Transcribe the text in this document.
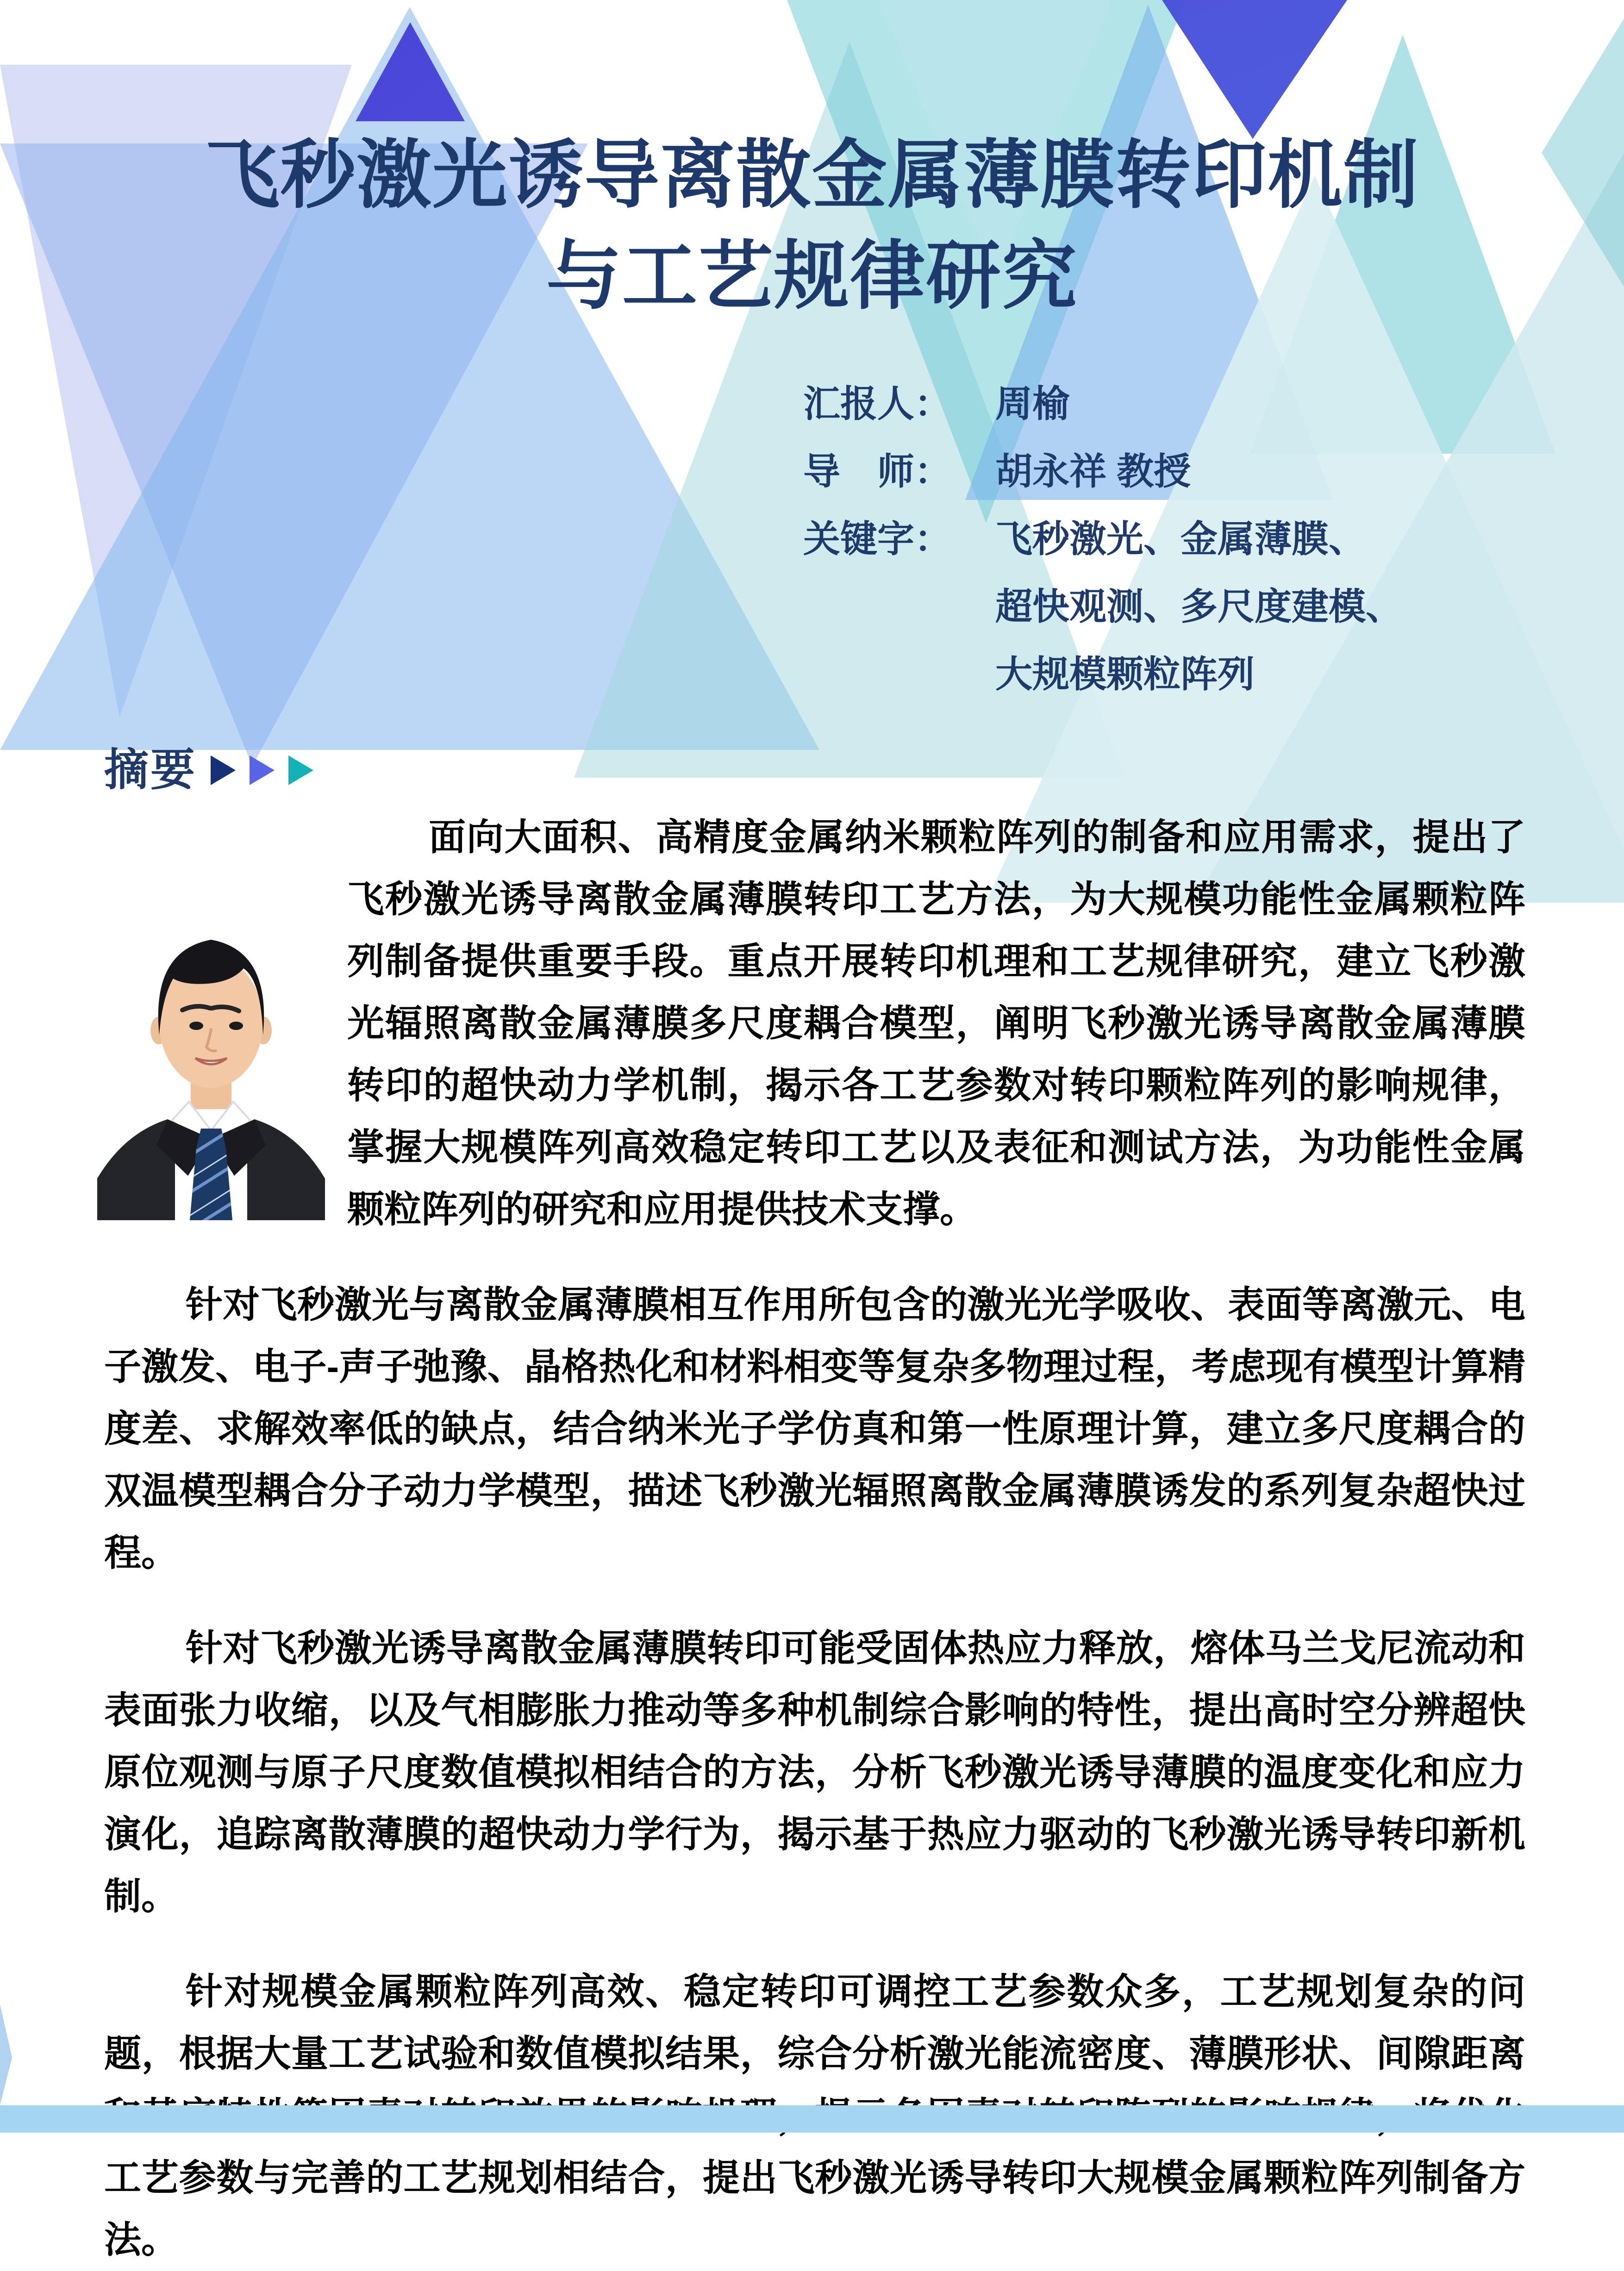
飞秒激光诱导离散金属薄膜转印机制
与工艺规律研究
汇报人：	周榆
导　师：	胡永祥 教授
关键字：	飞秒激光、金属薄膜、
超快观测、多尺度建模、
大规模颗粒阵列
摘要

面向大面积、高精度金属纳米颗粒阵列的制备和应用需求，提出了飞秒激光诱导离散金属薄膜转印工艺方法，为大规模功能性金属颗粒阵列制备提供重要手段。重点开展转印机理和工艺规律研究，建立飞秒激光辐照离散金属薄膜多尺度耦合模型，阐明飞秒激光诱导离散金属薄膜转印的超快动力学机制，揭示各工艺参数对转印颗粒阵列的影响规律，掌握大规模阵列高效稳定转印工艺以及表征和测试方法，为功能性金属颗粒阵列的研究和应用提供技术支撑。

针对飞秒激光与离散金属薄膜相互作用所包含的激光光学吸收、表面等离激元、电子激发、电子-声子弛豫、晶格热化和材料相变等复杂多物理过程，考虑现有模型计算精度差、求解效率低的缺点，结合纳米光子学仿真和第一性原理计算，建立多尺度耦合的双温模型耦合分子动力学模型，描述飞秒激光辐照离散金属薄膜诱发的系列复杂超快过程。

针对飞秒激光诱导离散金属薄膜转印可能受固体热应力释放，熔体马兰戈尼流动和表面张力收缩，以及气相膨胀力推动等多种机制综合影响的特性，提出高时空分辨超快原位观测与原子尺度数值模拟相结合的方法，分析飞秒激光诱导薄膜的温度变化和应力演化，追踪离散薄膜的超快动力学行为，揭示基于热应力驱动的飞秒激光诱导转印新机制。

针对规模金属颗粒阵列高效、稳定转印可调控工艺参数众多，工艺规划复杂的问题，根据大量工艺试验和数值模拟结果，综合分析激光能流密度、薄膜形状、间隙距离 工艺参数与完善的工艺规划相结合，提出飞秒激光诱导转印大规模金属颗粒阵列制备方法。
